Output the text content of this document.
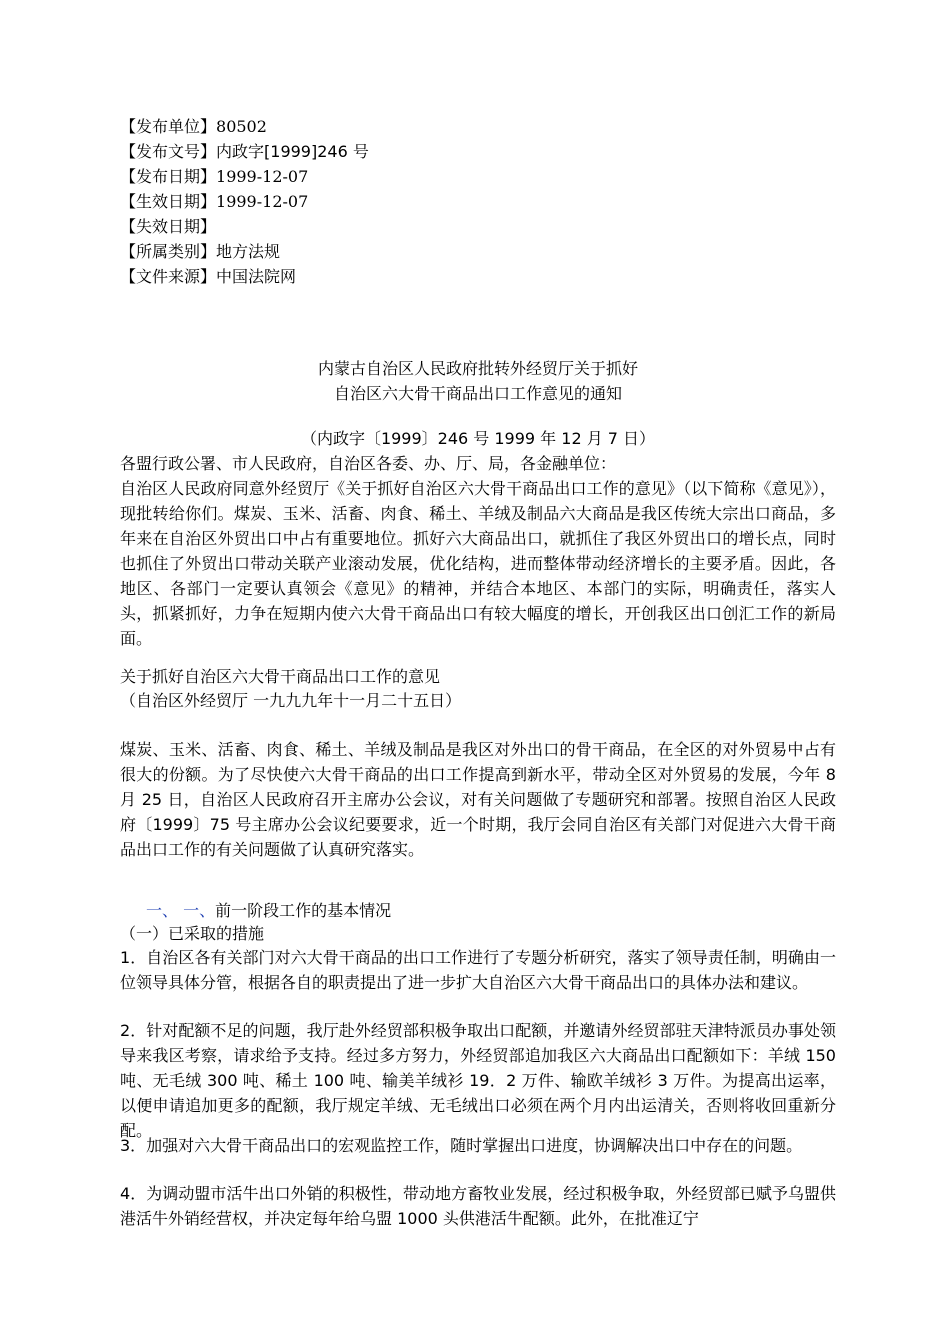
【发布单位】80502
【发布文号】内政字[1999]246 号
【发布日期】1999-12-07
【生效日期】1999-12-07
【失效日期】
【所属类别】地方法规
【文件来源】中国法院网
内蒙古自治区人民政府批转外经贸厅关于抓好
自治区六大骨干商品出口工作意见的通知
（内政字〔1999〕246 号 1999 年 12 月 7 日）
各盟行政公署、市人民政府，自治区各委、办、厅、局，各金融单位：
自治区人民政府同意外经贸厅《关于抓好自治区六大骨干商品出口工作的意见》（以下简称《意见》），现批转给你们。煤炭、玉米、活畜、肉食、稀土、羊绒及制品六大商品是我区传统大宗出口商品，多年来在自治区外贸出口中占有重要地位。抓好六大商品出口，就抓住了我区外贸出口的增长点，同时也抓住了外贸出口带动关联产业滚动发展，优化结构，进而整体带动经济增长的主要矛盾。因此，各地区、各部门一定要认真领会《意见》的精神，并结合本地区、本部门的实际，明确责任，落实人头，抓紧抓好，力争在短期内使六大骨干商品出口有较大幅度的增长，开创我区出口创汇工作的新局面。
关于抓好自治区六大骨干商品出口工作的意见
（自治区外经贸厅 一九九九年十一月二十五日）
煤炭、玉米、活畜、肉食、稀土、羊绒及制品是我区对外出口的骨干商品，在全区的对外贸易中占有很大的份额。为了尽快使六大骨干商品的出口工作提高到新水平，带动全区对外贸易的发展，今年 8 月 25 日，自治区人民政府召开主席办公会议，对有关问题做了专题研究和部署。按照自治区人民政府〔1999〕75 号主席办公会议纪要要求，近一个时期，我厅会同自治区有关部门对促进六大骨干商品出口工作的有关问题做了认真研究落实。
一、 一、前一阶段工作的基本情况
（一）已采取的措施
1．自治区各有关部门对六大骨干商品的出口工作进行了专题分析研究，落实了领导责任制，明确由一位领导具体分管，根据各自的职责提出了进一步扩大自治区六大骨干商品出口的具体办法和建议。
2．针对配额不足的问题，我厅赴外经贸部积极争取出口配额，并邀请外经贸部驻天津特派员办事处领导来我区考察，请求给予支持。经过多方努力，外经贸部追加我区六大商品出口配额如下：羊绒 150 吨、无毛绒 300 吨、稀土 100 吨、输美羊绒衫 19．2 万件、输欧羊绒衫 3 万件。为提高出运率，以便申请追加更多的配额，我厅规定羊绒、无毛绒出口必须在两个月内出运清关，否则将收回重新分配。
3．加强对六大骨干商品出口的宏观监控工作，随时掌握出口进度，协调解决出口中存在的问题。
4．为调动盟市活牛出口外销的积极性，带动地方畜牧业发展，经过积极争取，外经贸部已赋予乌盟供港活牛外销经营权，并决定每年给乌盟 1000 头供港活牛配额。此外，在批准辽宁
